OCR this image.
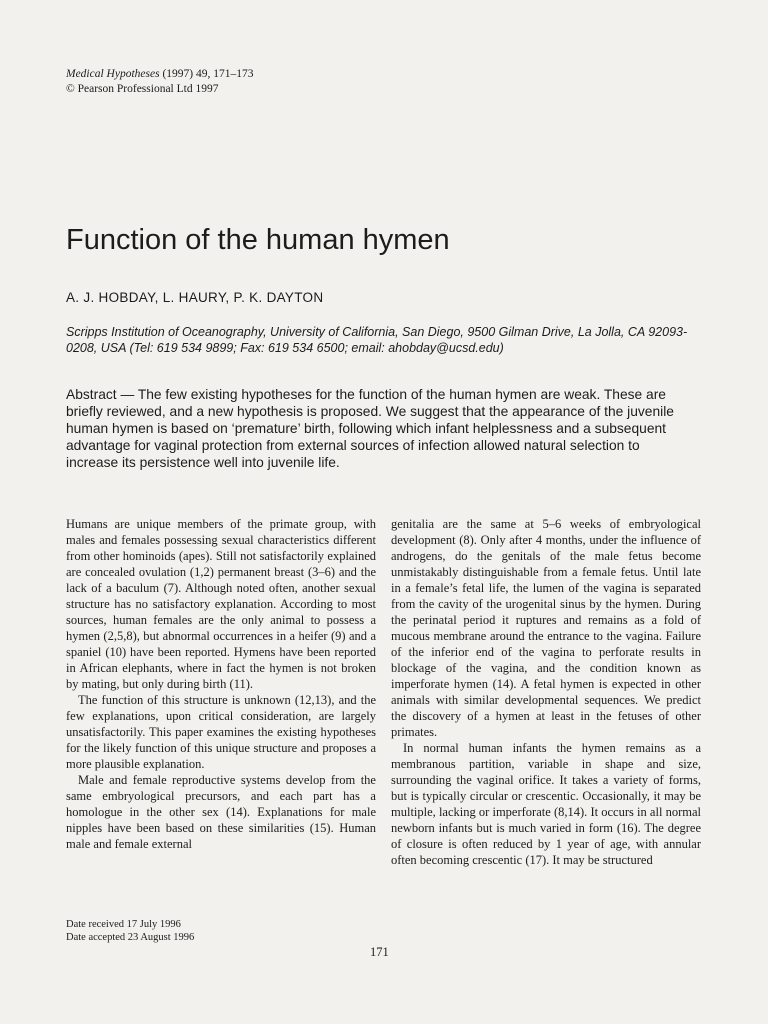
Medical Hypotheses (1997) 49, 171–173
© Pearson Professional Ltd 1997
Function of the human hymen
A. J. HOBDAY, L. HAURY, P. K. DAYTON
Scripps Institution of Oceanography, University of California, San Diego, 9500 Gilman Drive, La Jolla, CA 92093-0208, USA (Tel: 619 534 9899; Fax: 619 534 6500; email: ahobday@ucsd.edu)
Abstract — The few existing hypotheses for the function of the human hymen are weak. These are briefly reviewed, and a new hypothesis is proposed. We suggest that the appearance of the juvenile human hymen is based on ‘premature’ birth, following which infant helplessness and a subsequent advantage for vaginal protection from external sources of infection allowed natural selection to increase its persistence well into juvenile life.

Humans are unique members of the primate group, with males and females possessing sexual characteristics different from other hominoids (apes). Still not satisfactorily explained are concealed ovulation (1,2) permanent breast (3–6) and the lack of a baculum (7). Although noted often, another sexual structure has no satisfactory explanation. According to most sources, human females are the only animal to possess a hymen (2,5,8), but abnormal occurrences in a heifer (9) and a spaniel (10) have been reported. Hymens have been reported in African elephants, where in fact the hymen is not broken by mating, but only during birth (11).

The function of this structure is unknown (12,13), and the few explanations, upon critical consideration, are largely unsatisfactorily. This paper examines the existing hypotheses for the likely function of this unique structure and proposes a more plausible explanation.

Male and female reproductive systems develop from the same embryological precursors, and each part has a homologue in the other sex (14). Explanations for male nipples have been based on these similarities (15). Human male and female external

genitalia are the same at 5–6 weeks of embryological development (8). Only after 4 months, under the influence of androgens, do the genitals of the male fetus become unmistakably distinguishable from a female fetus. Until late in a female’s fetal life, the lumen of the vagina is separated from the cavity of the urogenital sinus by the hymen. During the perinatal period it ruptures and remains as a fold of mucous membrane around the entrance to the vagina. Failure of the inferior end of the vagina to perforate results in blockage of the vagina, and the condition known as imperforate hymen (14). A fetal hymen is expected in other animals with similar developmental sequences. We predict the discovery of a hymen at least in the fetuses of other primates.

In normal human infants the hymen remains as a membranous partition, variable in shape and size, surrounding the vaginal orifice. It takes a variety of forms, but is typically circular or crescentic. Occasionally, it may be multiple, lacking or imperforate (8,14). It occurs in all normal newborn infants but is much varied in form (16). The degree of closure is often reduced by 1 year of age, with annular often becoming crescentic (17). It may be structured

Date received 17 July 1996
Date accepted 23 August 1996
171
